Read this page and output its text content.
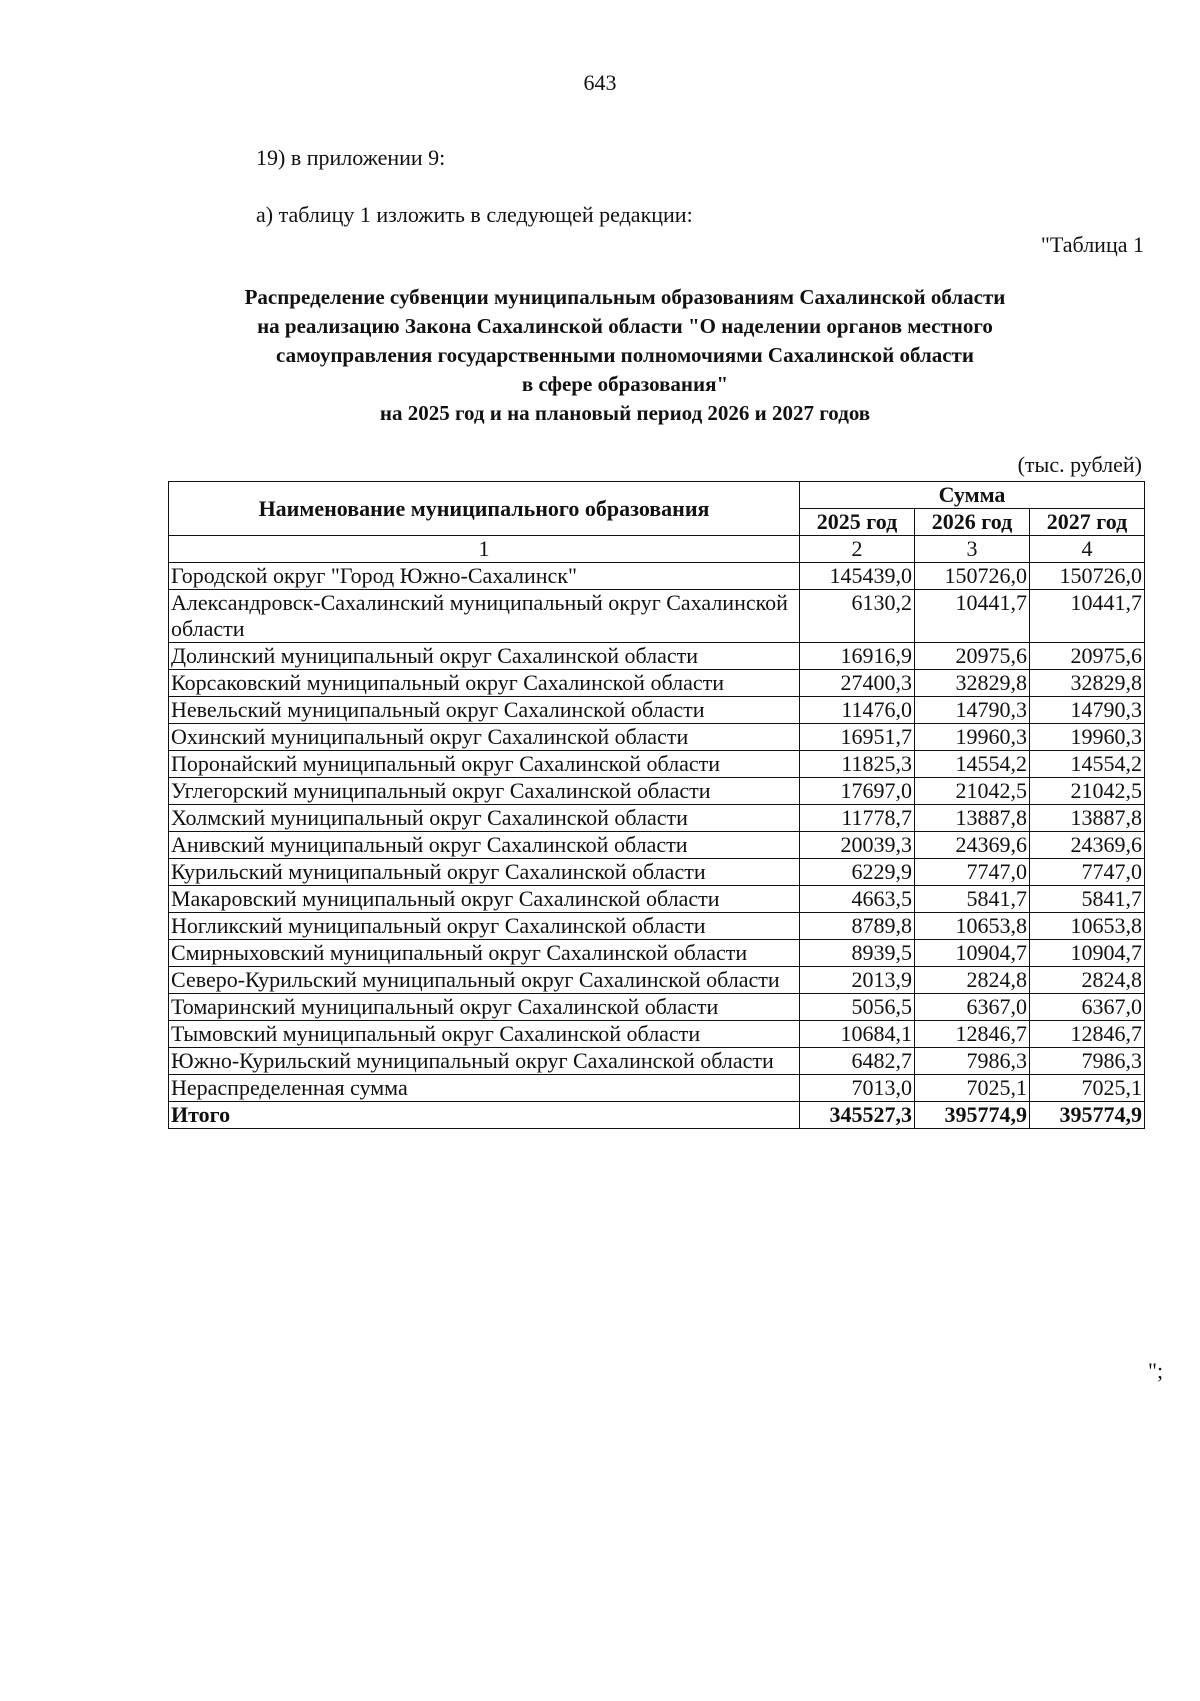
643
19) в приложении 9:
а) таблицу 1 изложить в следующей редакции:
"Таблица 1
Распределение субвенции муниципальным образованиям Сахалинской области
на реализацию Закона Сахалинской области "О наделении органов местного
самоуправления государственными полномочиями Сахалинской области
в сфере образования"
на 2025 год и на плановый период 2026 и 2027 годов
(тыс. рублей)
Наименование муниципального образования	Сумма		
	2025 год	2026 год	2027 год
1	2	3	4
Городской округ "Город Южно-Сахалинск"	145439,0	150726,0	150726,0
Александровск-Сахалинский муниципальный округ Сахалинской области	6130,2	10441,7	10441,7
Долинский муниципальный округ Сахалинской области	16916,9	20975,6	20975,6
Корсаковский муниципальный округ Сахалинской области	27400,3	32829,8	32829,8
Невельский муниципальный округ Сахалинской области	11476,0	14790,3	14790,3
Охинский муниципальный округ Сахалинской области	16951,7	19960,3	19960,3
Поронайский муниципальный округ Сахалинской области	11825,3	14554,2	14554,2
Углегорский муниципальный округ Сахалинской области	17697,0	21042,5	21042,5
Холмский муниципальный округ Сахалинской области	11778,7	13887,8	13887,8
Анивский муниципальный округ Сахалинской области	20039,3	24369,6	24369,6
Курильский муниципальный округ Сахалинской области	6229,9	7747,0	7747,0
Макаровский муниципальный округ Сахалинской области	4663,5	5841,7	5841,7
Ногликский муниципальный округ Сахалинской области	8789,8	10653,8	10653,8
Смирныховский муниципальный округ Сахалинской области	8939,5	10904,7	10904,7
Северо-Курильский муниципальный округ Сахалинской области	2013,9	2824,8	2824,8
Томаринский муниципальный округ Сахалинской области	5056,5	6367,0	6367,0
Тымовский муниципальный округ Сахалинской области	10684,1	12846,7	12846,7
Южно-Курильский муниципальный округ Сахалинской области	6482,7	7986,3	7986,3
Нераспределенная сумма	7013,0	7025,1	7025,1
Итого	345527,3	395774,9	395774,9
";
